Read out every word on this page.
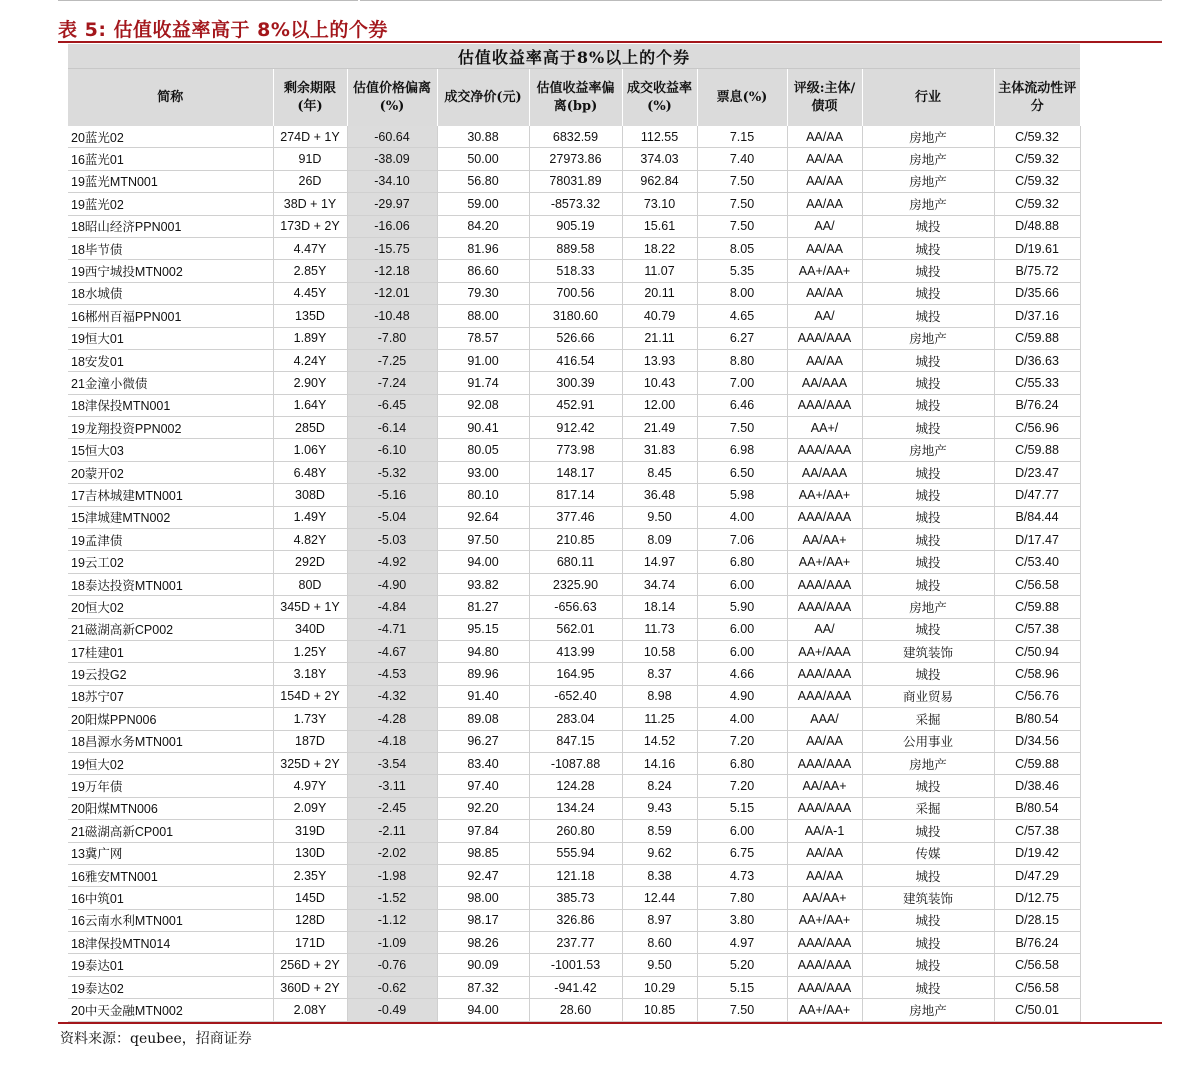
表 5: 估值收益率高于 8%以上的个券
估值收益率高于8%以上的个券									
简称	剩余期限(年)	估值价格偏离(%)	成交净价(元)	估值收益率偏离(bp)	成交收益率(%)	票息(%)	评级:主体/债项	行业	主体流动性评分
20蓝光02	274D + 1Y	-60.64	30.88	6832.59	112.55	7.15	AA/AA	房地产	C/59.32
16蓝光01	91D	-38.09	50.00	27973.86	374.03	7.40	AA/AA	房地产	C/59.32
19蓝光MTN001	26D	-34.10	56.80	78031.89	962.84	7.50	AA/AA	房地产	C/59.32
19蓝光02	38D + 1Y	-29.97	59.00	-8573.32	73.10	7.50	AA/AA	房地产	C/59.32
18昭山经济PPN001	173D + 2Y	-16.06	84.20	905.19	15.61	7.50	AA/	城投	D/48.88
18毕节债	4.47Y	-15.75	81.96	889.58	18.22	8.05	AA/AA	城投	D/19.61
19西宁城投MTN002	2.85Y	-12.18	86.60	518.33	11.07	5.35	AA+/AA+	城投	B/75.72
18水城债	4.45Y	-12.01	79.30	700.56	20.11	8.00	AA/AA	城投	D/35.66
16郴州百福PPN001	135D	-10.48	88.00	3180.60	40.79	4.65	AA/	城投	D/37.16
19恒大01	1.89Y	-7.80	78.57	526.66	21.11	6.27	AAA/AAA	房地产	C/59.88
18安发01	4.24Y	-7.25	91.00	416.54	13.93	8.80	AA/AA	城投	D/36.63
21金潼小微债	2.90Y	-7.24	91.74	300.39	10.43	7.00	AA/AAA	城投	C/55.33
18津保投MTN001	1.64Y	-6.45	92.08	452.91	12.00	6.46	AAA/AAA	城投	B/76.24
19龙翔投资PPN002	285D	-6.14	90.41	912.42	21.49	7.50	AA+/	城投	C/56.96
15恒大03	1.06Y	-6.10	80.05	773.98	31.83	6.98	AAA/AAA	房地产	C/59.88
20蒙开02	6.48Y	-5.32	93.00	148.17	8.45	6.50	AA/AAA	城投	D/23.47
17吉林城建MTN001	308D	-5.16	80.10	817.14	36.48	5.98	AA+/AA+	城投	D/47.77
15津城建MTN002	1.49Y	-5.04	92.64	377.46	9.50	4.00	AAA/AAA	城投	B/84.44
19孟津债	4.82Y	-5.03	97.50	210.85	8.09	7.06	AA/AA+	城投	D/17.47
19云工02	292D	-4.92	94.00	680.11	14.97	6.80	AA+/AA+	城投	C/53.40
18泰达投资MTN001	80D	-4.90	93.82	2325.90	34.74	6.00	AAA/AAA	城投	C/56.58
20恒大02	345D + 1Y	-4.84	81.27	-656.63	18.14	5.90	AAA/AAA	房地产	C/59.88
21磁湖高新CP002	340D	-4.71	95.15	562.01	11.73	6.00	AA/	城投	C/57.38
17桂建01	1.25Y	-4.67	94.80	413.99	10.58	6.00	AA+/AAA	建筑装饰	C/50.94
19云投G2	3.18Y	-4.53	89.96	164.95	8.37	4.66	AAA/AAA	城投	C/58.96
18苏宁07	154D + 2Y	-4.32	91.40	-652.40	8.98	4.90	AAA/AAA	商业贸易	C/56.76
20阳煤PPN006	1.73Y	-4.28	89.08	283.04	11.25	4.00	AAA/	采掘	B/80.54
18昌源水务MTN001	187D	-4.18	96.27	847.15	14.52	7.20	AA/AA	公用事业	D/34.56
19恒大02	325D + 2Y	-3.54	83.40	-1087.88	14.16	6.80	AAA/AAA	房地产	C/59.88
19万年债	4.97Y	-3.11	97.40	124.28	8.24	7.20	AA/AA+	城投	D/38.46
20阳煤MTN006	2.09Y	-2.45	92.20	134.24	9.43	5.15	AAA/AAA	采掘	B/80.54
21磁湖高新CP001	319D	-2.11	97.84	260.80	8.59	6.00	AA/A-1	城投	C/57.38
13冀广网	130D	-2.02	98.85	555.94	9.62	6.75	AA/AA	传媒	D/19.42
16雅安MTN001	2.35Y	-1.98	92.47	121.18	8.38	4.73	AA/AA	城投	D/47.29
16中筑01	145D	-1.52	98.00	385.73	12.44	7.80	AA/AA+	建筑装饰	D/12.75
16云南水利MTN001	128D	-1.12	98.17	326.86	8.97	3.80	AA+/AA+	城投	D/28.15
18津保投MTN014	171D	-1.09	98.26	237.77	8.60	4.97	AAA/AAA	城投	B/76.24
19泰达01	256D + 2Y	-0.76	90.09	-1001.53	9.50	5.20	AAA/AAA	城投	C/56.58
19泰达02	360D + 2Y	-0.62	87.32	-941.42	10.29	5.15	AAA/AAA	城投	C/56.58
20中天金融MTN002	2.08Y	-0.49	94.00	28.60	10.85	7.50	AA+/AA+	房地产	C/50.01
资料来源：qeubee，招商证券
